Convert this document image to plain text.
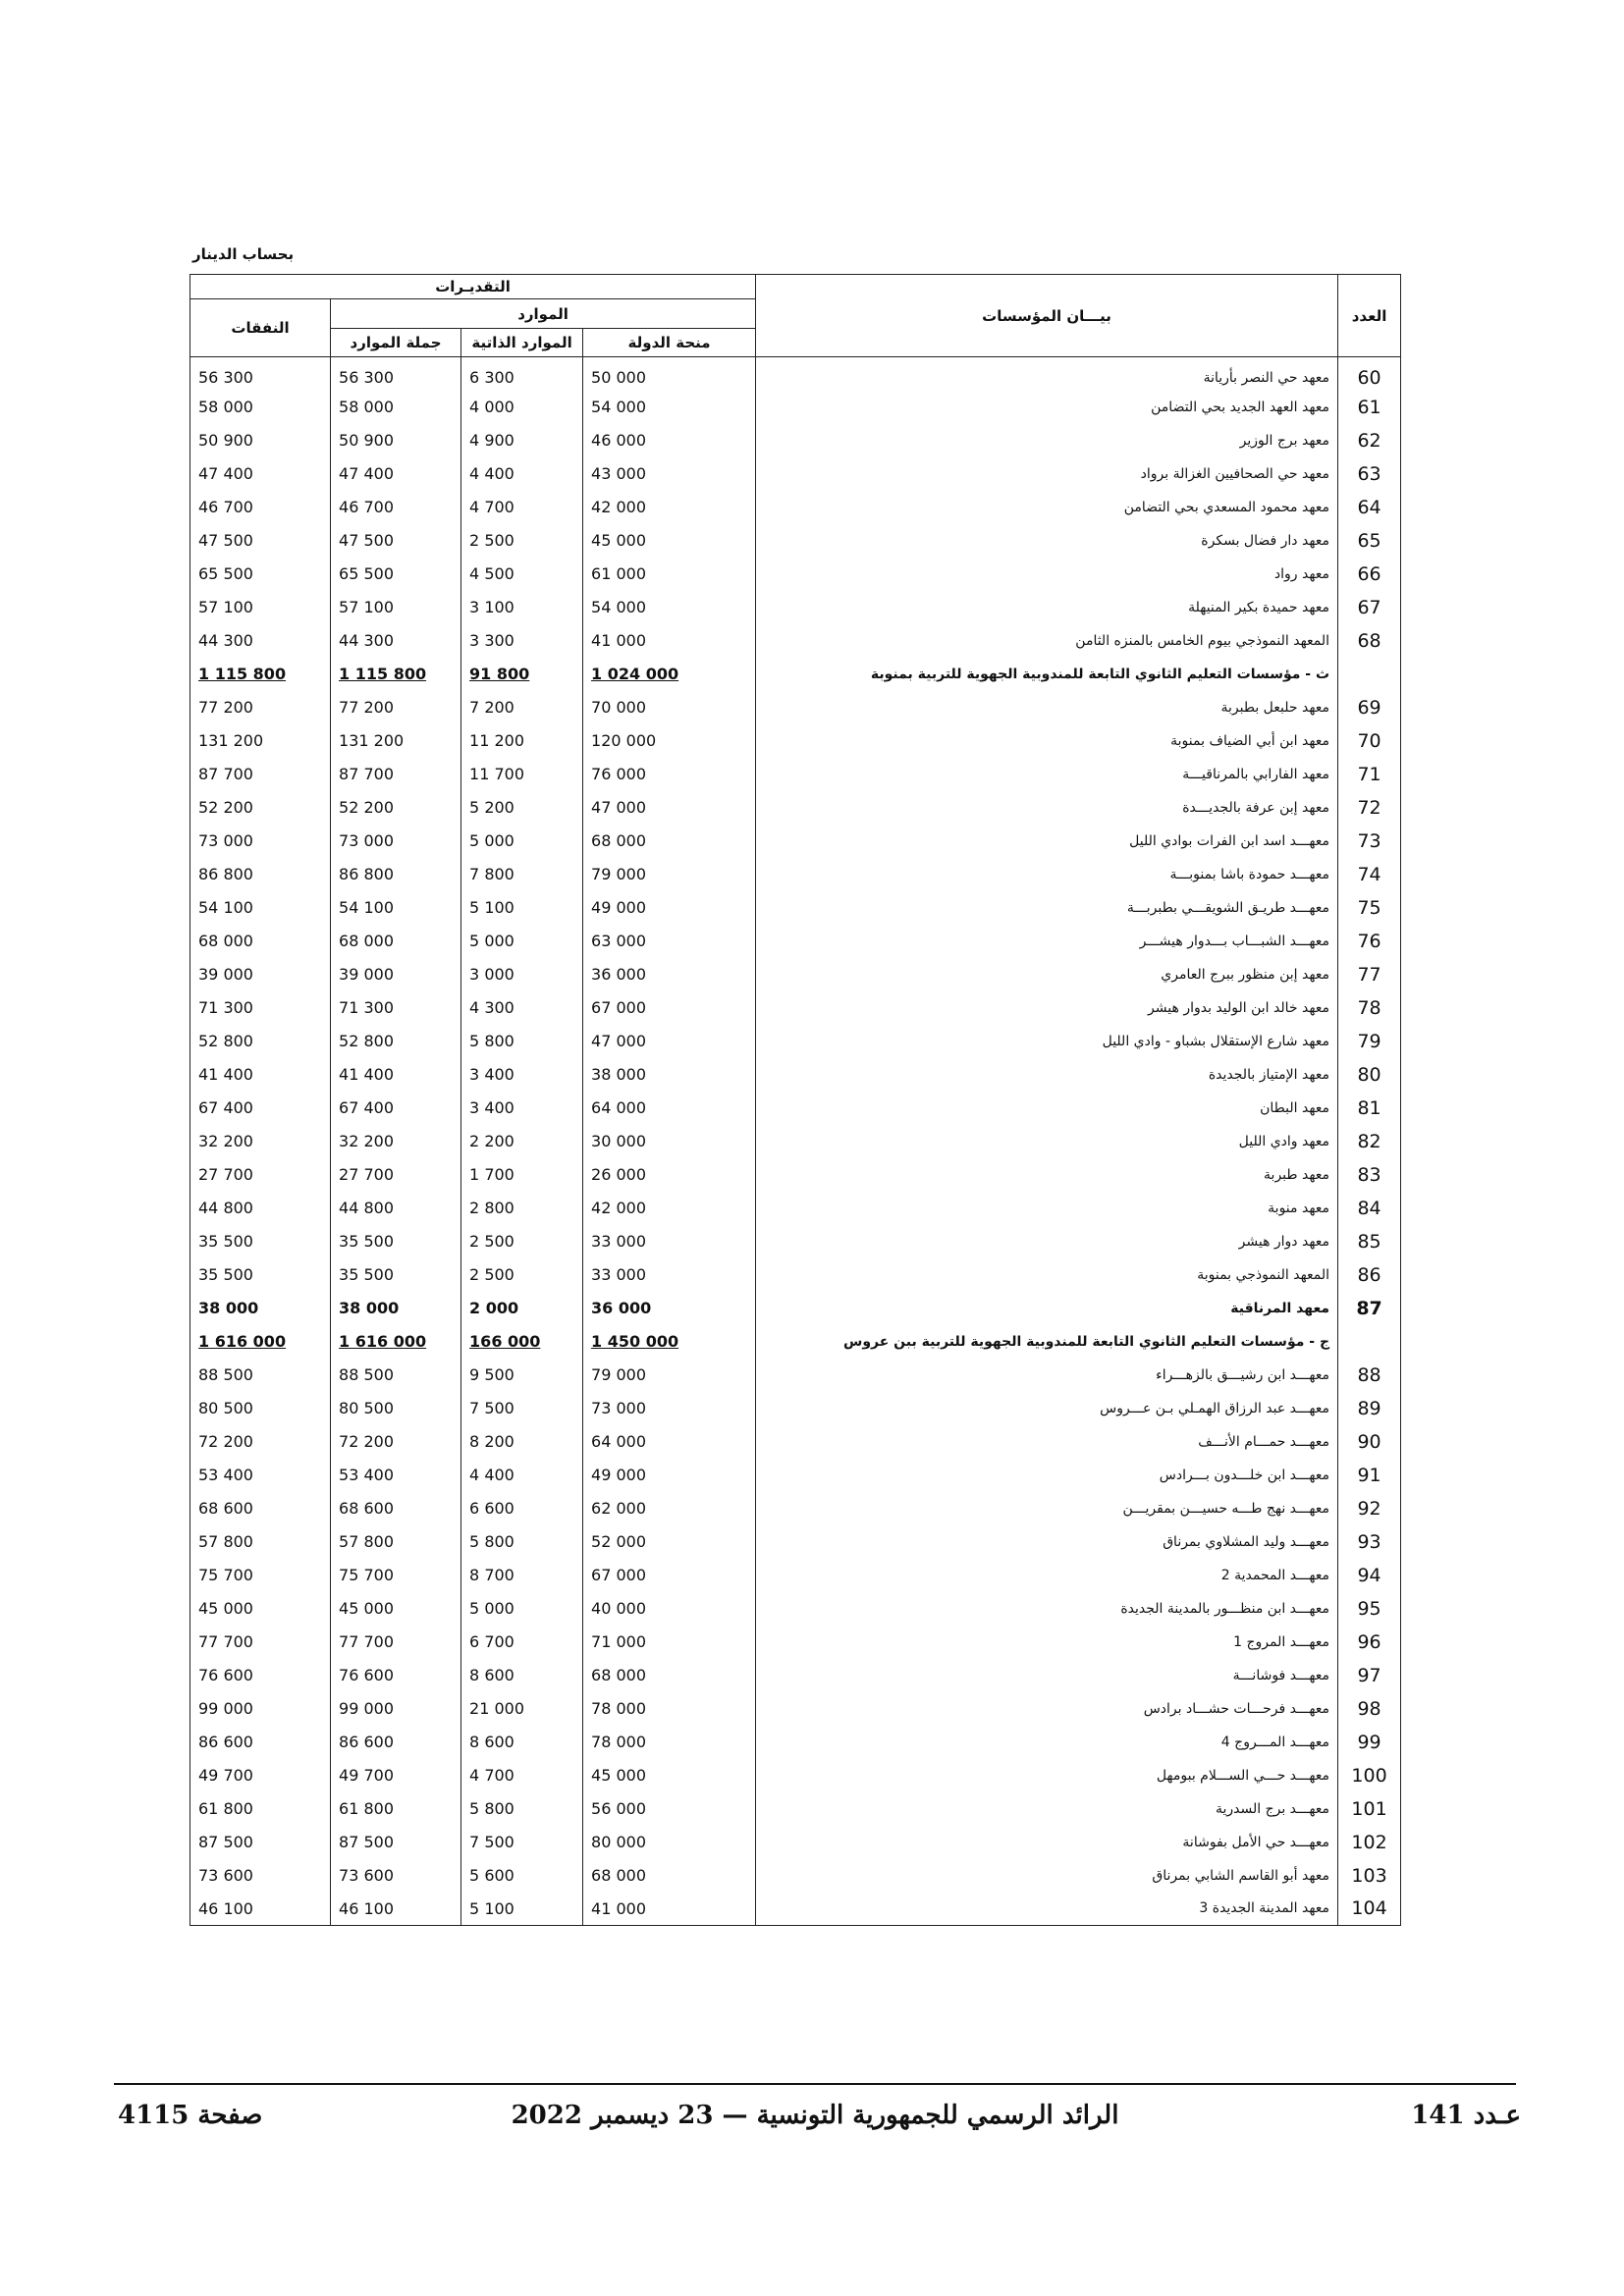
بحساب الدينار
العدد	بيـــان المؤسسات	التقديـرات			
		الموارد			النفقات
		منحة الدولة	الموارد الذاتية	جملة الموارد	
60	معهد حي النصر بأريانة	50 000	6 300	56 300	56 300
61	معهد العهد الجديد بحي التضامن	54 000	4 000	58 000	58 000
62	معهد برج الوزير	46 000	4 900	50 900	50 900
63	معهد حي الصحافيين الغزالة برواد	43 000	4 400	47 400	47 400
64	معهد محمود المسعدي بحي التضامن	42 000	4 700	46 700	46 700
65	معهد دار فضال بسكرة	45 000	2 500	47 500	47 500
66	معهد رواد	61 000	4 500	65 500	65 500
67	معهد حميدة بكير المنيهلة	54 000	3 100	57 100	57 100
68	المعهد النموذجي بيوم الخامس بالمنزه الثامن	41 000	3 300	44 300	44 300
	ث - مؤسسات التعليم الثانوي التابعة للمندوبية الجهوية للتربية بمنوبة	1 024 000	91 800	1 115 800	1 115 800
69	معهد حلبعل بطبربة	70 000	7 200	77 200	77 200
70	معهد ابن أبي الضياف بمنوبة	120 000	11 200	131 200	131 200
71	معهد الفارابي بالمرناقيـــة	76 000	11 700	87 700	87 700
72	معهد إبن عرفة بالجديـــدة	47 000	5 200	52 200	52 200
73	معهـــد اسد ابن الفرات بوادي الليل	68 000	5 000	73 000	73 000
74	معهـــد حمودة باشا بمنوبـــة	79 000	7 800	86 800	86 800
75	معهـــد طريـق الشويقـــي بطبربـــة	49 000	5 100	54 100	54 100
76	معهـــد الشبـــاب بـــدوار هيشـــر	63 000	5 000	68 000	68 000
77	معهد إبن منظور ببرج العامري	36 000	3 000	39 000	39 000
78	معهد خالد ابن الوليد بدوار هيشر	67 000	4 300	71 300	71 300
79	معهد شارع الإستقلال بشباو - وادي الليل	47 000	5 800	52 800	52 800
80	معهد الإمتياز بالجديدة	38 000	3 400	41 400	41 400
81	معهد البطان	64 000	3 400	67 400	67 400
82	معهد وادي الليل	30 000	2 200	32 200	32 200
83	معهد طبربة	26 000	1 700	27 700	27 700
84	معهد منوبة	42 000	2 800	44 800	44 800
85	معهد دوار هيشر	33 000	2 500	35 500	35 500
86	المعهد النموذجي بمنوبة	33 000	2 500	35 500	35 500
87	معهد المرناقية	36 000	2 000	38 000	38 000
	ج - مؤسسات التعليم الثانوي التابعة للمندوبية الجهوية للتربية ببن عروس	1 450 000	166 000	1 616 000	1 616 000
88	معهـــد ابن رشيـــق بالزهـــراء	79 000	9 500	88 500	88 500
89	معهـــد عبد الرزاق الهمـلي بـن عـــروس	73 000	7 500	80 500	80 500
90	معهـــد حمـــام الأنـــف	64 000	8 200	72 200	72 200
91	معهـــد ابن خلـــدون بـــرادس	49 000	4 400	53 400	53 400
92	معهـــد نهج طـــه حسيـــن بمقريـــن	62 000	6 600	68 600	68 600
93	معهـــد وليد المشلاوي بمرناق	52 000	5 800	57 800	57 800
94	معهـــد المحمدية 2	67 000	8 700	75 700	75 700
95	معهـــد ابن منظـــور بالمدينة الجديدة	40 000	5 000	45 000	45 000
96	معهـــد المروج 1	71 000	6 700	77 700	77 700
97	معهـــد فوشانـــة	68 000	8 600	76 600	76 600
98	معهـــد فرحـــات حشـــاد برادس	78 000	21 000	99 000	99 000
99	معهـــد المـــروج 4	78 000	8 600	86 600	86 600
100	معهـــد حـــي الســـلام ببومهل	45 000	4 700	49 700	49 700
101	معهـــد برج السدرية	56 000	5 800	61 800	61 800
102	معهـــد حي الأمل بفوشانة	80 000	7 500	87 500	87 500
103	معهد أبو القاسم الشابي بمرناق	68 000	5 600	73 600	73 600
104	معهد المدينة الجديدة 3	41 000	5 100	46 100	46 100
عـدد 141
الرائد الرسمي للجمهورية التونسية — 23 ديسمبر 2022
صفحة 4115
